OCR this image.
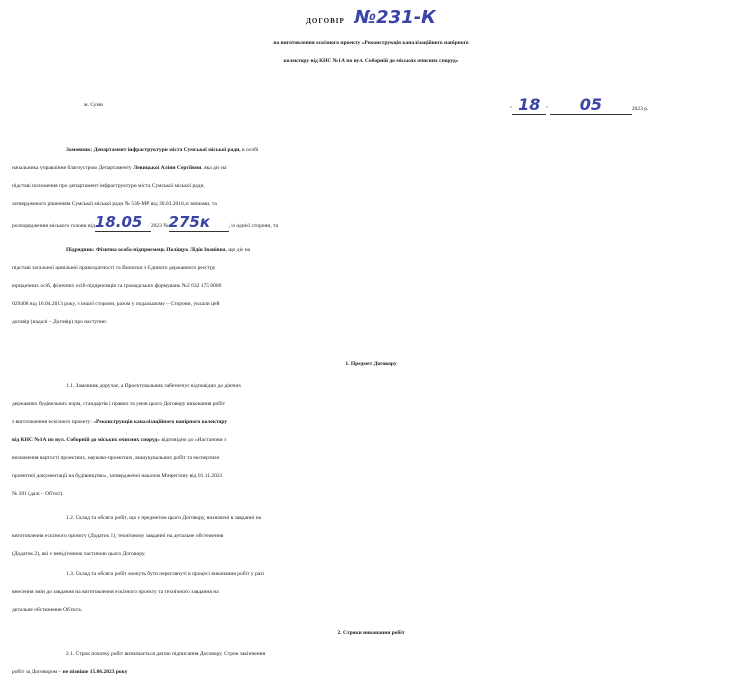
ДОГОВІР №231-К
на виготовлення ескізного проекту «Реконструкція каналізаційного напірного
колектору від КНС №1А по вул. Соборній до міських очисних споруд»
м. Суми
" 18 " 05	2023 р.
Замовник: Департамент інфраструктури міста Сумської міської ради, в особі
начальника управління благоустрою Департаменту Левицької Аліни Сергіївни, яка діє на
підставі положення про департамент інфраструктури міста Сумської міської ради,
затвердженого рішенням Сумської міської ради № 530-МР від 30.03.2016,зі змінами, та
розпорядження міського голови від18.05 2023 №275к	, із однієї сторони, та
Підрядник: Фізична особа-підприємець Поліщук Лідія Іванівна, що діє на
підставі загальної цивільної правоздатності та Виписки з Єдиного державного реєстру
юридичних осіб, фізичних осіб-підприємців та громадських формувань №2 632 175 0000
029408 від 16.04.2013 року, з іншої сторони, разом у подальшому – Сторони, уклали цей
договір (надалі – Договір) про наступне:
1. Предмет Договору
1.1. Замовник доручає, а Проєктувальник забезпечує відповідно до діючих
державних будівельних норм, стандартів і правил та умов цього Договору виконання робіт
з виготовлення ескізного проекту: «Реконструкція каналізаційного напірного колектору
від КНС №1А по вул. Соборній до міських очисних споруд» відповідно до «Настанови з
визначення вартості проектних, науково-проектних, вишукувальних робіт та експертизи
проектної документації на будівництво», затвердженої наказом Мінрегіону від 01.11.2021
№ 281 (далі – Об'єкт).
1.2. Склад та обсяги робіт, що є предметом цього Договору, визначені в завданні на
виготовлення ескізного проєкту (Додаток 1), технічному завданні на детальне обстеження
(Додаток 2), які є невід'ємною частиною цього Договору.
1.3. Склад та обсяги робіт можуть бути переглянуті в процесі виконання робіт у разі
внесення змін до завдання на виготовлення ескізного проєкту та технічного завдання на
детальне обстеження Об'єкта.
2. Строки виконання робіт
2.1. Строк початку робіт визначається датою підписання Договору. Строк закінчення
робіт за Договором – не пізніше 15.06.2023 року
